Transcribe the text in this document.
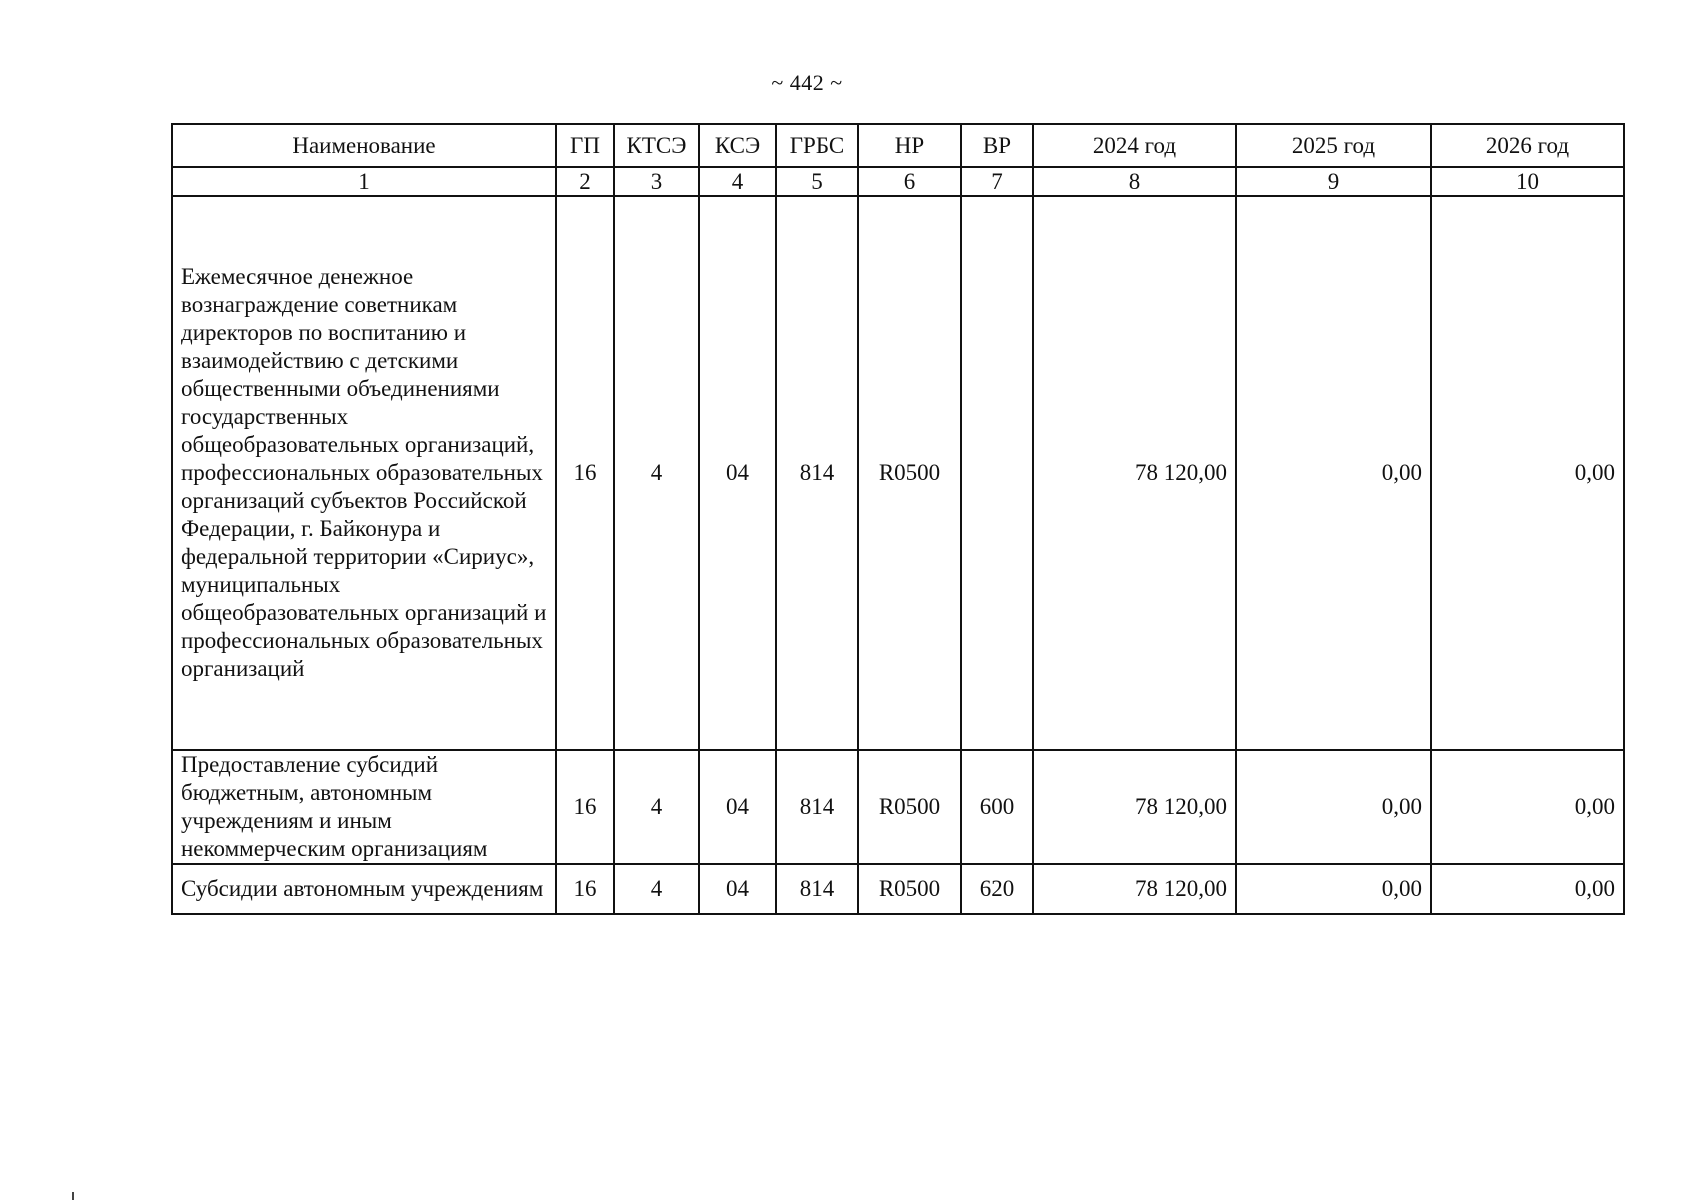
~ 442 ~
Наименование	ГП	КТСЭ	КСЭ	ГРБС	НР	ВР	2024 год	2025 год	2026 год
1	2	3	4	5	6	7	8	9	10
Ежемесячное денежное вознаграждение советникам директоров по воспитанию и взаимодействию с детскими общественными объединениями государственных общеобразовательных организаций, профессиональных образовательных организаций субъектов Российской Федерации, г. Байконура и федеральной территории «Сириус», муниципальных общеобразовательных организаций и профессиональных образовательных организаций	16	4	04	814	R0500		78 120,00	0,00	0,00
Предоставление субсидий бюджетным, автономным учреждениям и иным некоммерческим организациям	16	4	04	814	R0500	600	78 120,00	0,00	0,00
Субсидии автономным учреждениям	16	4	04	814	R0500	620	78 120,00	0,00	0,00
